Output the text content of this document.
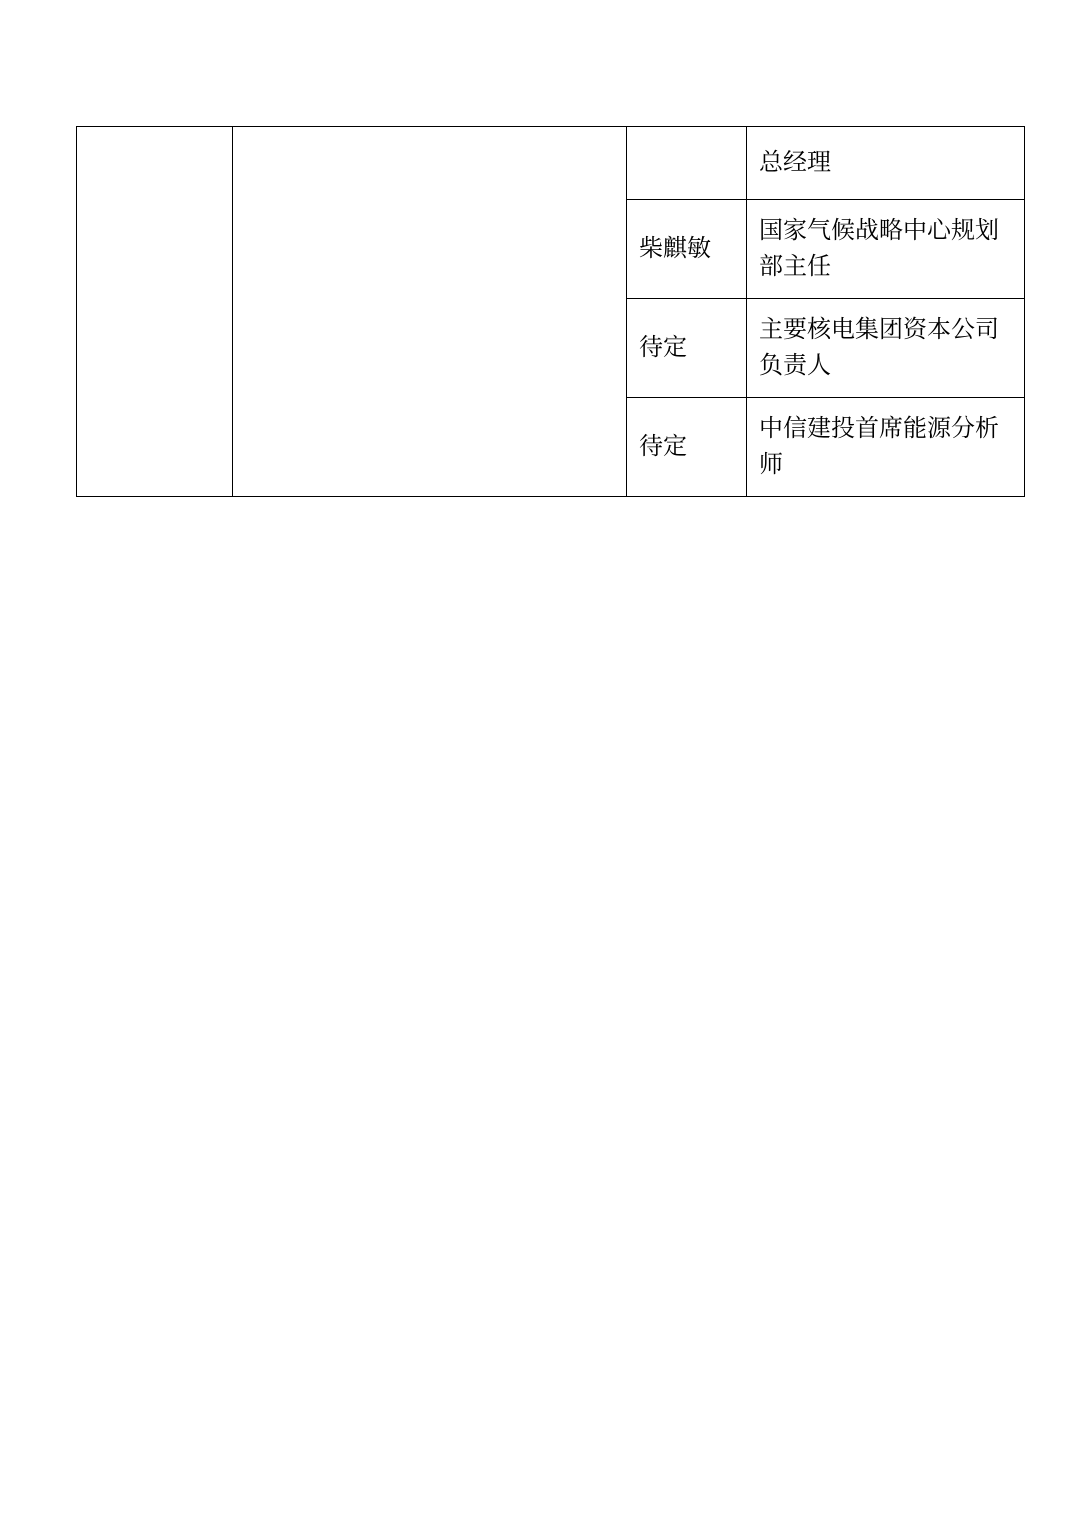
			总经理
		柴麒敏	国家气候战略中心规划部主任
		待定	主要核电集团资本公司负责人
		待定	中信建投首席能源分析师
